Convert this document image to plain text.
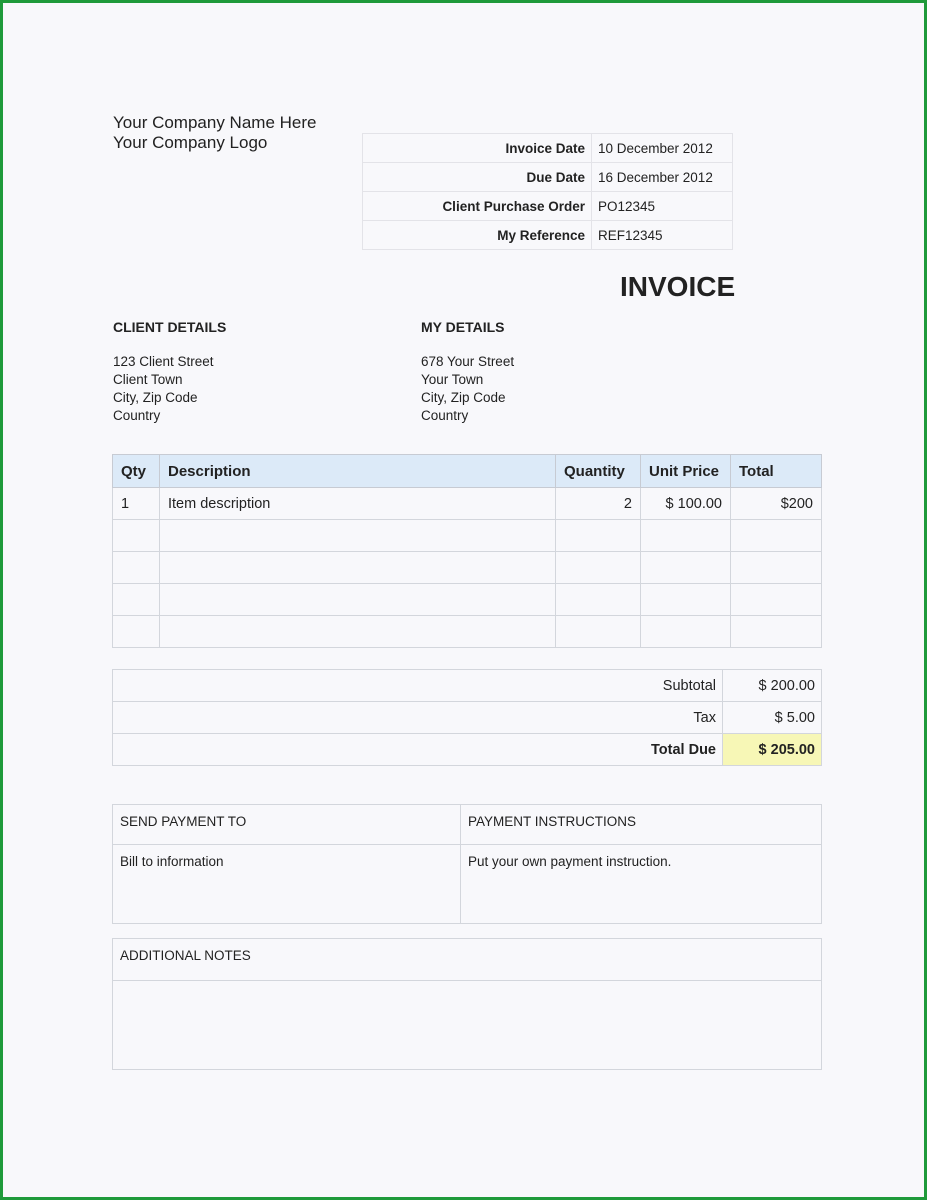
Your Company Name Here
Your Company Logo	Invoice Date	10 December 2012
Due Date	16 December 2012
Client Purchase Order	PO12345
My Reference	REF12345
INVOICE
CLIENT DETAILS
123 Client Street
Client Town
City, Zip Code
Country
MY DETAILS
678 Your Street
Your Town
City, Zip Code
Country
Qty	Description	Quantity	Unit Price	Total
1	Item description	2	$ 100.00	$200

Subtotal	$ 200.00
Tax	$ 5.00
Total Due	$ 205.00
SEND PAYMENT TO	PAYMENT INSTRUCTIONS
Bill to information	Put your own payment instruction.
ADDITIONAL NOTES
